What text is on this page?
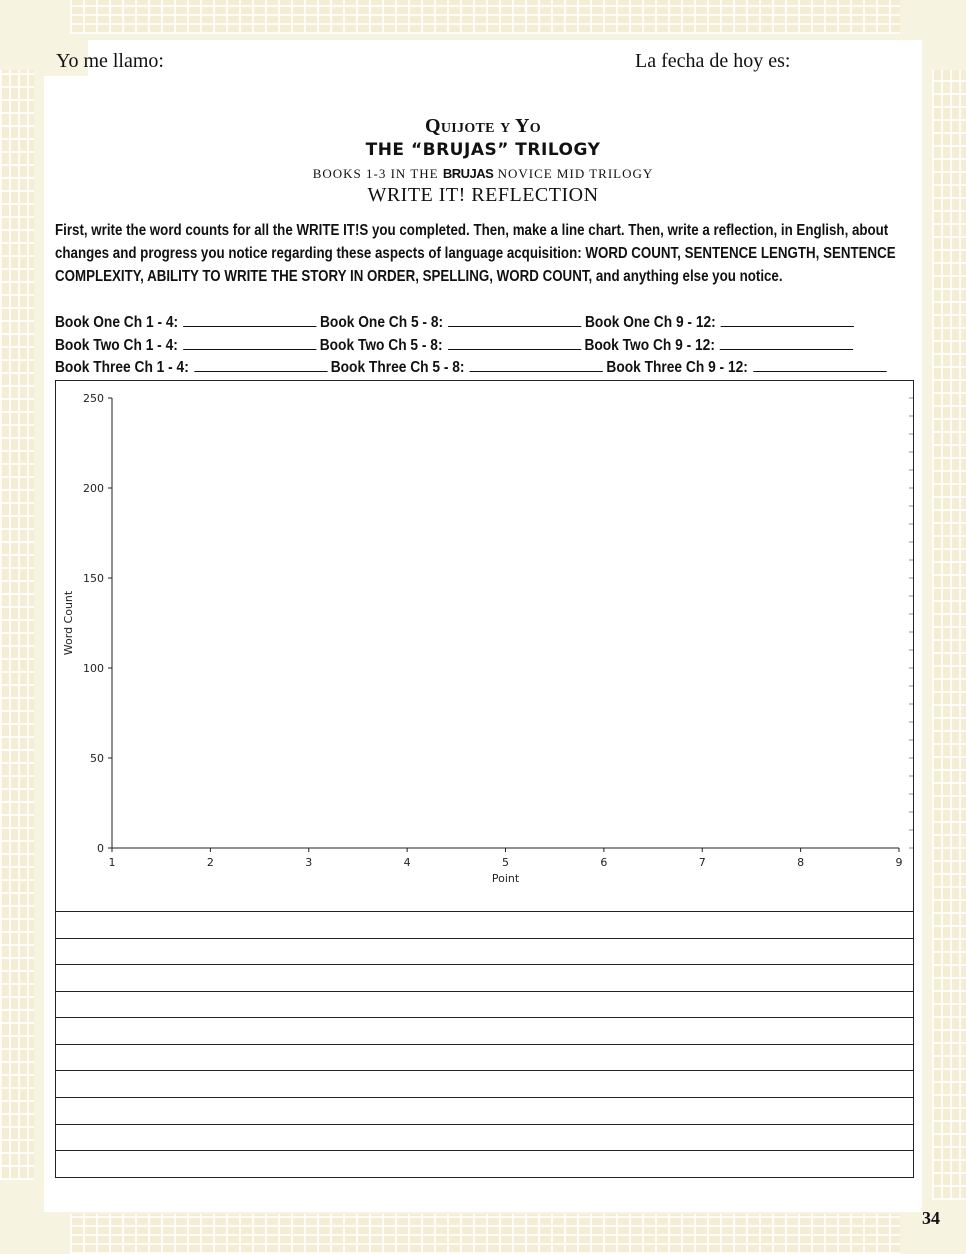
Yo me llamo:	La fecha de hoy es:
Quijote y Yo
THE “BRUJAS” TRILOGY
BOOKS 1-3 IN THE BRUJAS NOVICE MID TRILOGY
WRITE IT! REFLECTION
First, write the word counts for all the WRITE IT!S you completed. Then, make a line chart. Then, write a reflection, in English, about changes and progress you notice regarding these aspects of language acquisition: WORD COUNT, SENTENCE LENGTH, SENTENCE COMPLEXITY, ABILITY TO WRITE THE STORY IN ORDER, SPELLING, WORD COUNT, and anything else you notice.
Book One Ch 1 - 4:	Book One Ch 5 - 8:	Book One Ch 9 - 12:
Book Two Ch 1 - 4:	Book Two Ch 5 - 8:	Book Two Ch 9 - 12:
Book Three Ch 1 - 4:	Book Three Ch 5 - 8:	Book Three Ch 9 - 12:
0
50
100
150
200
250
1	2	3	4	5	6	7	8	9
Point
Word Count
34
